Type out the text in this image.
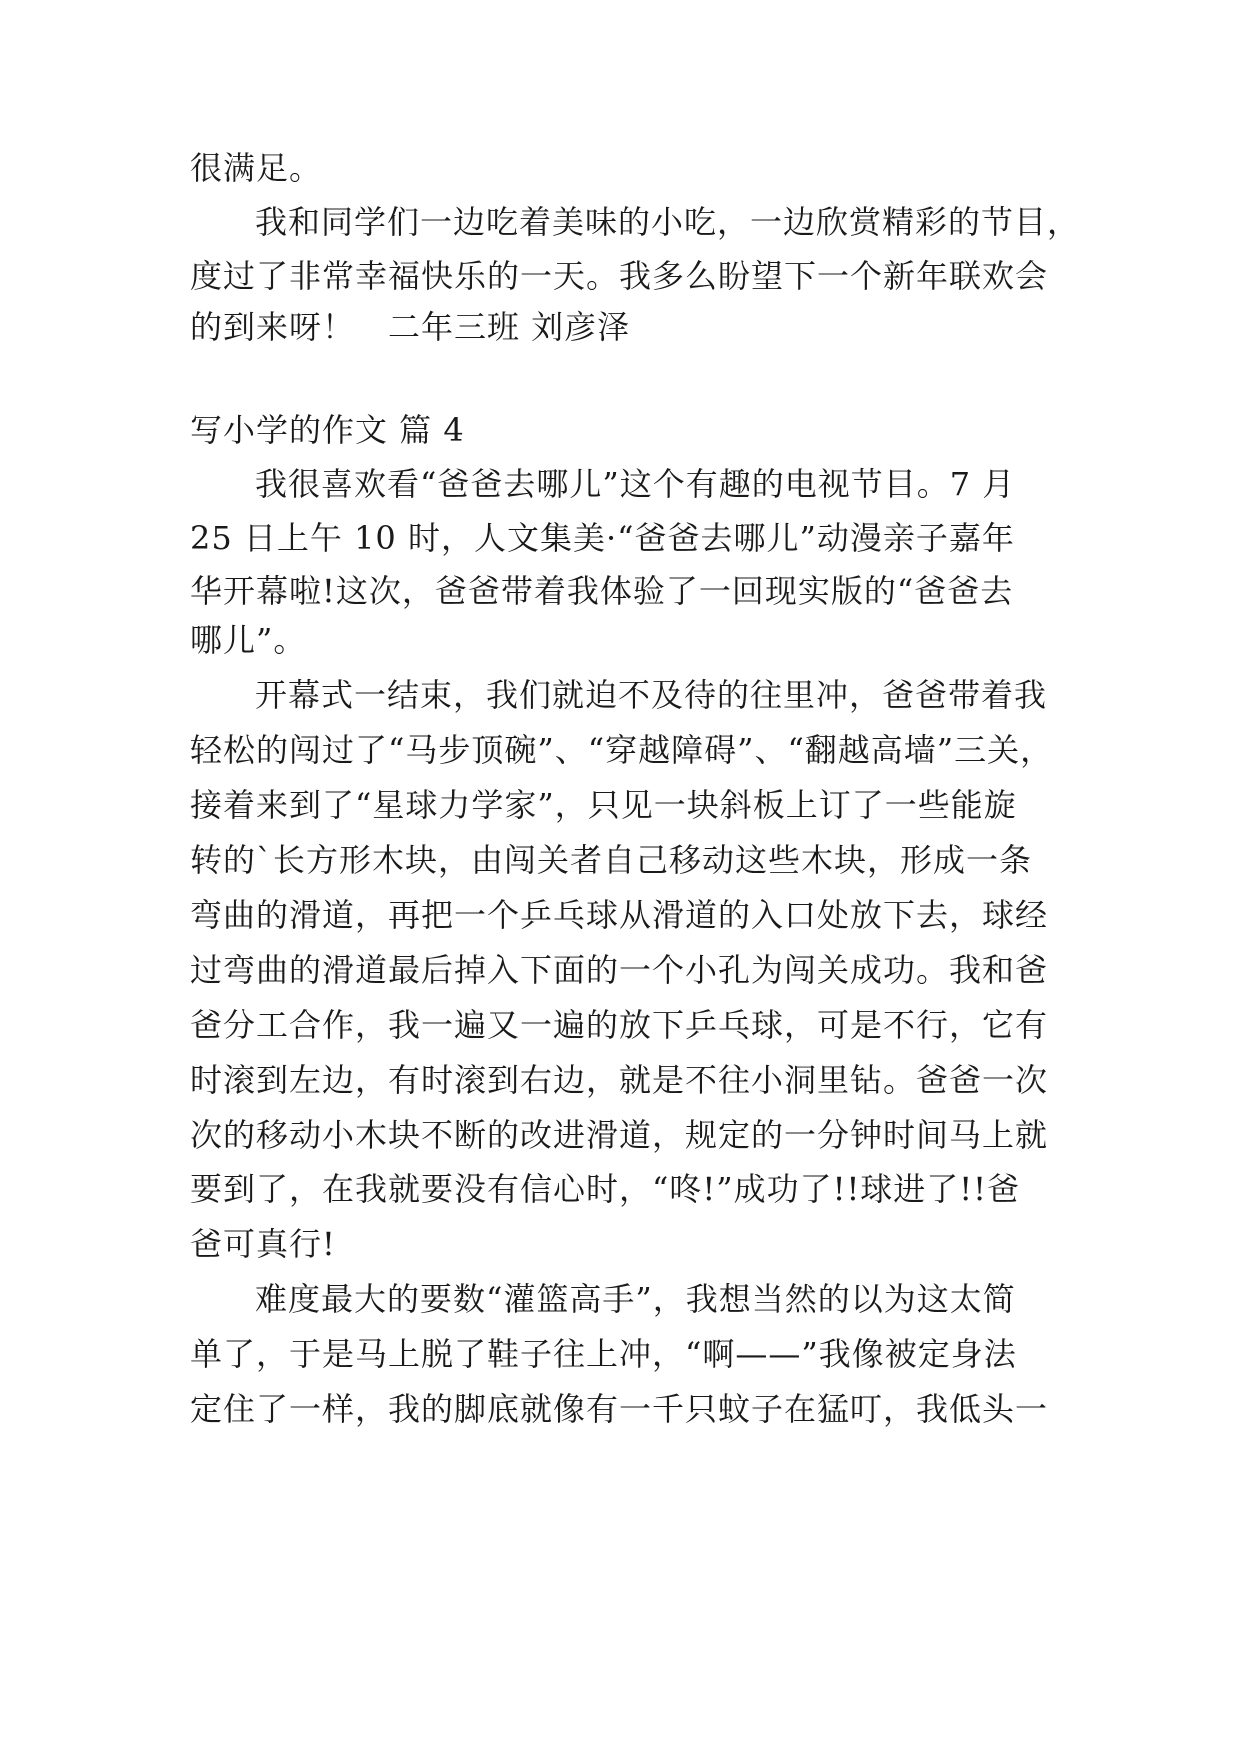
很满足。
我和同学们一边吃着美味的小吃，一边欣赏精彩的节目，
度过了非常幸福快乐的一天。我多么盼望下一个新年联欢会
的到来呀！　二年三班 刘彦泽
写小学的作文 篇 4
我很喜欢看“爸爸去哪儿”这个有趣的电视节目。7 月
25 日上午 10 时，人文集美·“爸爸去哪儿”动漫亲子嘉年
华开幕啦!这次，爸爸带着我体验了一回现实版的“爸爸去
哪儿”。
开幕式一结束，我们就迫不及待的往里冲，爸爸带着我
轻松的闯过了“马步顶碗”、“穿越障碍”、“翻越高墙”三关，
接着来到了“星球力学家”，只见一块斜板上订了一些能旋
转的`长方形木块，由闯关者自己移动这些木块，形成一条
弯曲的滑道，再把一个乒乓球从滑道的入口处放下去，球经
过弯曲的滑道最后掉入下面的一个小孔为闯关成功。我和爸
爸分工合作，我一遍又一遍的放下乒乓球，可是不行，它有
时滚到左边，有时滚到右边，就是不往小洞里钻。爸爸一次
次的移动小木块不断的改进滑道，规定的一分钟时间马上就
要到了，在我就要没有信心时，“咚!”成功了!!球进了!!爸
爸可真行!
难度最大的要数“灌篮高手”，我想当然的以为这太简
单了，于是马上脱了鞋子往上冲，“啊——”我像被定身法
定住了一样，我的脚底就像有一千只蚊子在猛叮，我低头一
